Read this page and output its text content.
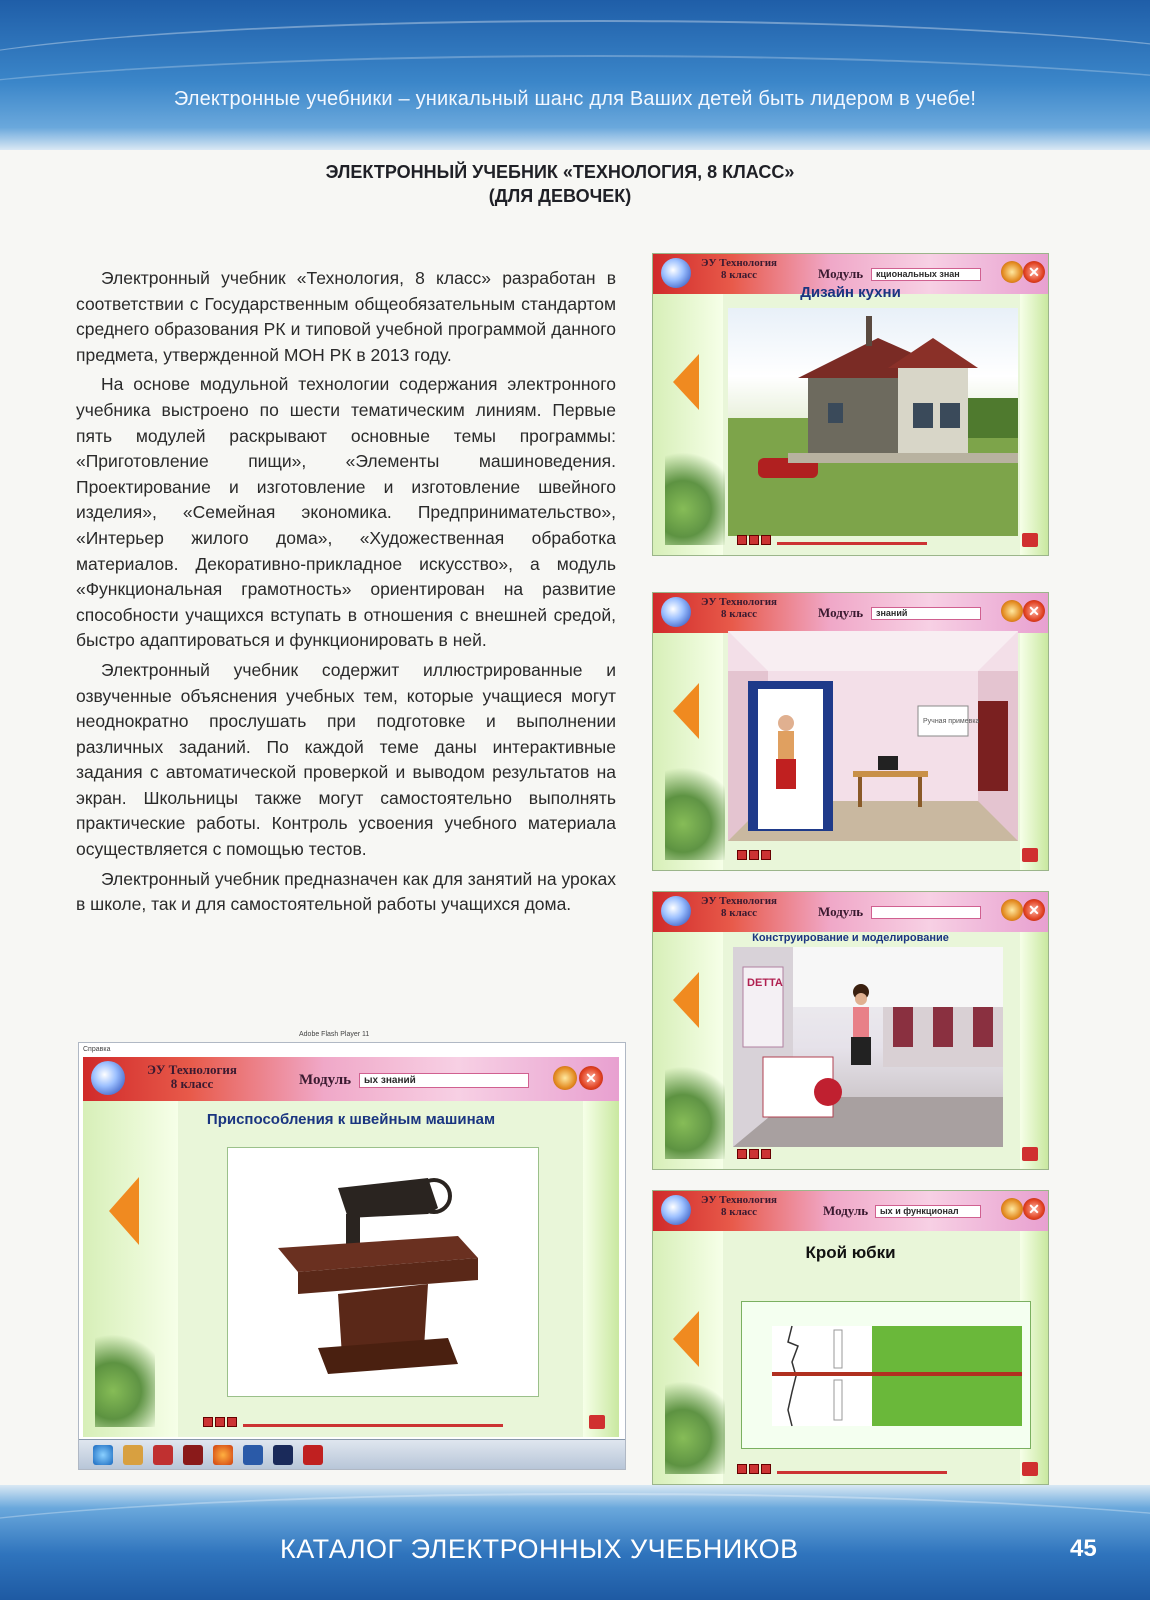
Электронные учебники – уникальный шанс для Ваших детей быть лидером в учебе!
ЭЛЕКТРОННЫЙ УЧЕБНИК «ТЕХНОЛОГИЯ, 8 КЛАСС»
(ДЛЯ ДЕВОЧЕК)

Электронный учебник «Технология, 8 класс» разработан в соответствии с Государственным общеобязательным стандартом среднего образования РК и типовой учебной программой данного предмета, утвержденной МОН РК в 2013 году.

На основе модульной технологии содержания электронного учебника выстроено по шести тематическим линиям. Первые пять модулей раскрывают основные темы программы: «Приготовление пищи», «Элементы машиноведения. Проектирование и изготовление и изготовление швейного изделия», «Семейная экономика. Предпринимательство», «Интерьер жилого дома», «Художественная обработка материалов. Декоративно-прикладное искусство», а модуль «Функциональная грамотность» ориентирован на развитие способности учащихся вступать в отношения с внешней средой, быстро адаптироваться и функционировать в ней.

Электронный учебник содержит иллюстрированные и озвученные объяснения учебных тем, которые учащиеся могут неоднократно прослушать при подготовке и выполнении различных заданий. По каждой теме даны интерактивные задания с автоматической проверкой и выводом результатов на экран. Школьницы также могут самостоятельно выполнять практические работы. Контроль усвоения учебного материала осуществляется с помощью тестов.

Электронный учебник предназначен как для занятий на уроках в школе, так и для самостоятельной работы учащихся дома.

ЭУ Технология
8 класс	Модуль	кциональных знан	✕
Дизайн кухни
ЭУ Технология
8 класс	Модуль	знаний	✕
Ручная примевка
ЭУ Технология
8 класс	Модуль	✕
Конструирование и моделирование
DETTA
ЭУ Технология
8 класс	Модуль	ых и функционал	✕
Крой юбки
Справка
Adobe Flash Player 11
ЭУ Технология
8 класс	Модуль	ых знаний	✕
Приспособления к швейным машинам
КАТАЛОГ ЭЛЕКТРОННЫХ УЧЕБНИКОВ	45
